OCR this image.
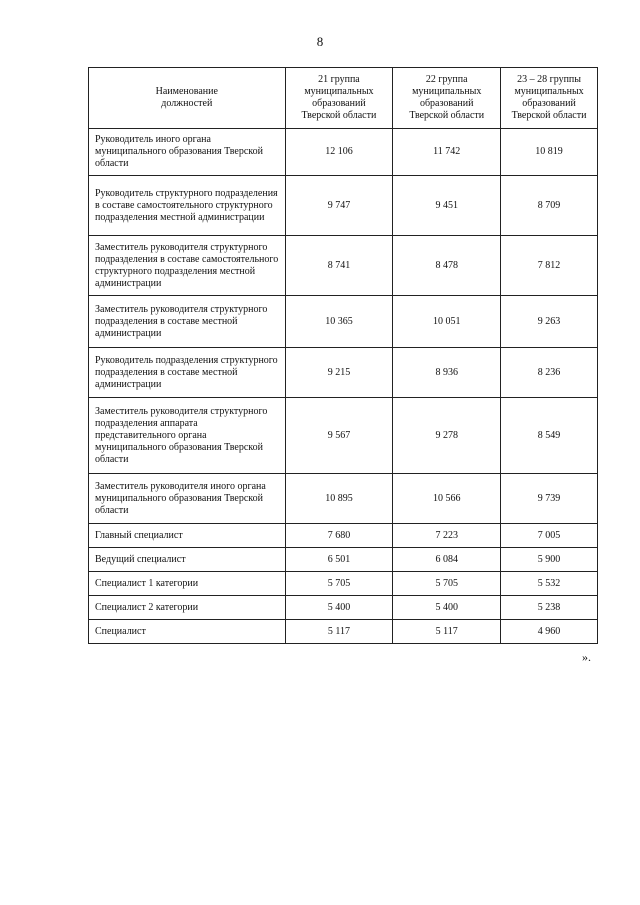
8
Наименование должностей	21 группа муниципальных образований Тверской области	22 группа муниципальных образований Тверской области	23 – 28 группы муниципальных образований Тверской области
Руководитель иного органа муниципального образования Тверской области	12 106	11 742	10 819
Руководитель структурного подразделения в составе самостоятельного структурного подразделения местной администрации	9 747	9 451	8 709
Заместитель руководителя структурного подразделения в составе самостоятельного структурного подразделения местной администрации	8 741	8 478	7 812
Заместитель руководителя структурного подразделения в составе местной администрации	10 365	10 051	9 263
Руководитель подразделения структурного подразделения в составе местной администрации	9 215	8 936	8 236
Заместитель руководителя структурного подразделения аппарата представительного органа муниципального образования Тверской области	9 567	9 278	8 549
Заместитель руководителя иного органа муниципального образования Тверской области	10 895	10 566	9 739
Главный специалист	7 680	7 223	7 005
Ведущий специалист	6 501	6 084	5 900
Специалист 1 категории	5 705	5 705	5 532
Специалист 2 категории	5 400	5 400	5 238
Специалист	5 117	5 117	4 960
».
